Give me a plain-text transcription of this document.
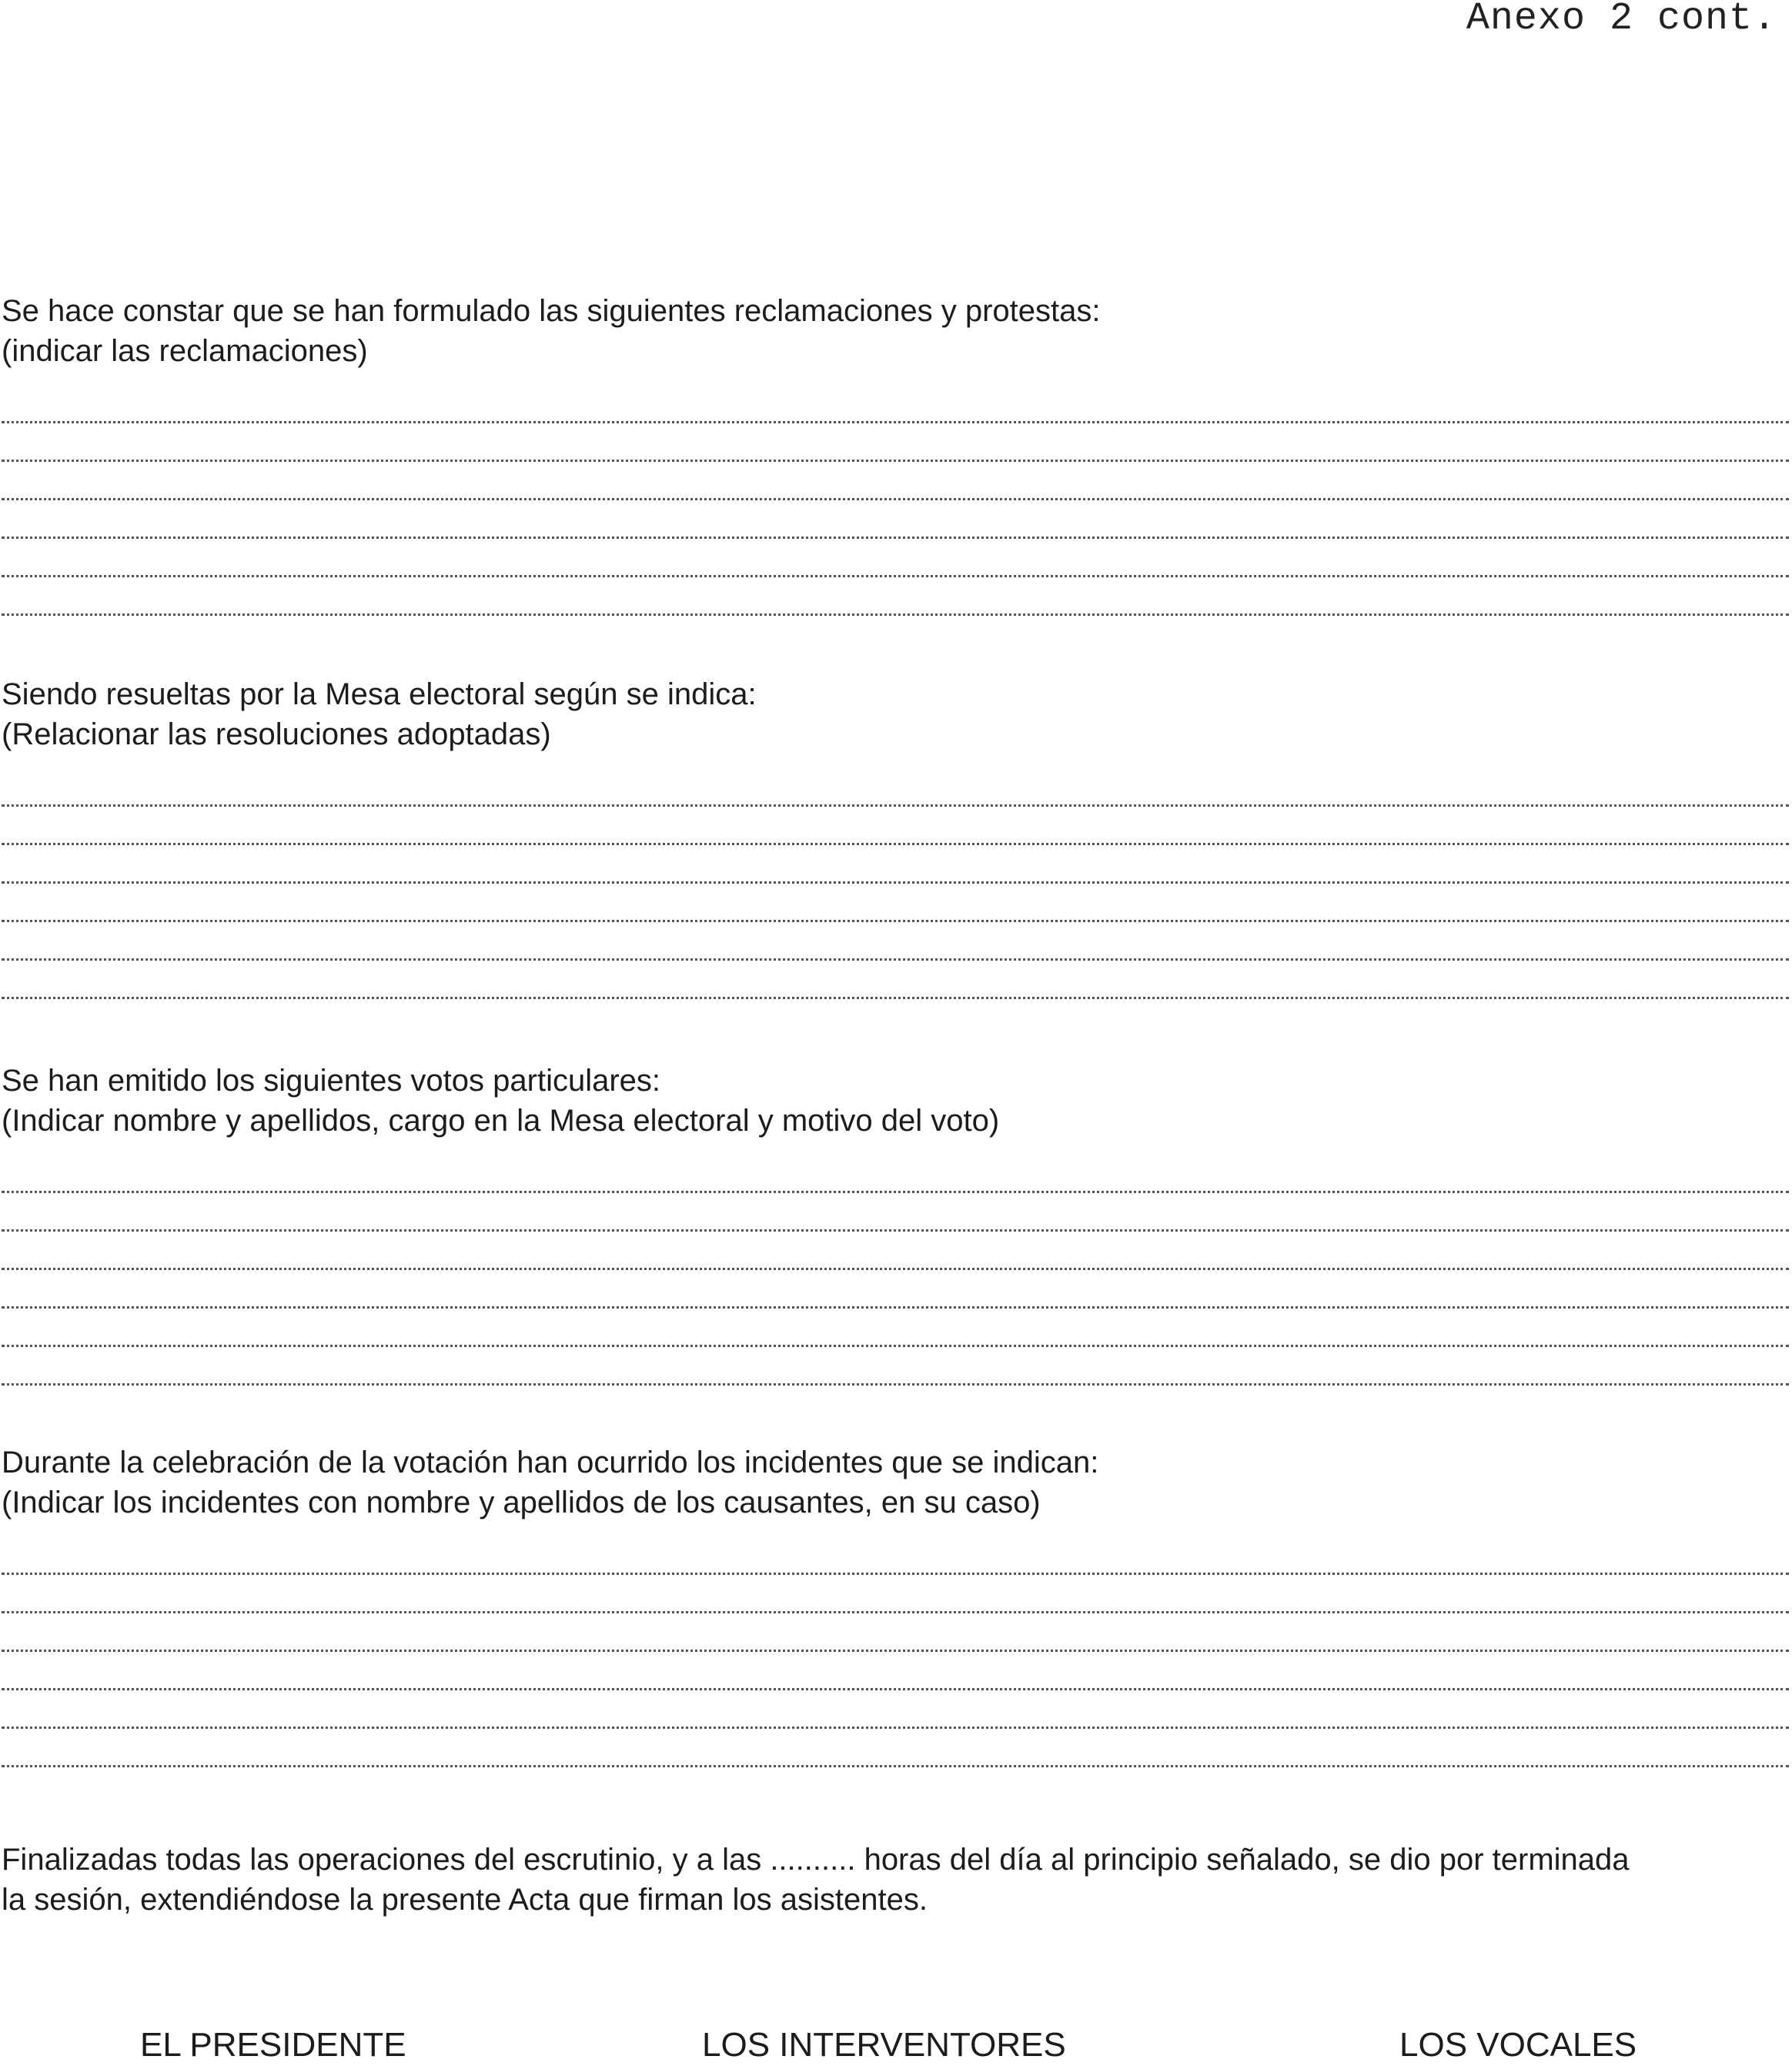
Anexo 2 cont.
Se hace constar que se han formulado las siguientes reclamaciones y protestas:
(indicar las reclamaciones)
Siendo resueltas por la Mesa electoral según se indica:
(Relacionar las resoluciones adoptadas)
Se han emitido los siguientes votos particulares:
(Indicar nombre y apellidos, cargo en la Mesa electoral y motivo del voto)
Durante la celebración de la votación han ocurrido los incidentes que se indican:
(Indicar los incidentes con nombre y apellidos de los causantes, en su caso)
Finalizadas todas las operaciones del escrutinio, y a las .......... horas del día al principio señalado, se dio por terminada
la sesión, extendiéndose la presente Acta que firman los asistentes.
EL PRESIDENTE	LOS INTERVENTORES	LOS VOCALES
